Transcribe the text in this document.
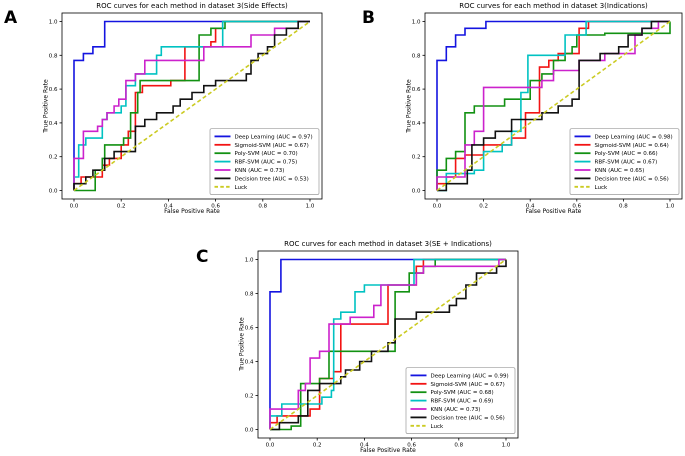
0.0	0.2	0.4	0.6	0.8	1.0
0.0
0.2
0.4
0.6
0.8
1.0
Deep Learning (AUC = 0.97)
Sigmoid-SVM (AUC = 0.67)
Poly-SVM (AUC = 0.70)
RBF-SVM (AUC = 0.75)
KNN (AUC = 0.73)
Decision tree (AUC = 0.53)
Luck
0.0	0.2	0.4	0.6	0.8	1.0
0.0
0.2
0.4
0.6
0.8
1.0
Deep Learning (AUC = 0.98)
Sigmoid-SVM (AUC = 0.64)
Poly-SVM (AUC = 0.66)
RBF-SVM (AUC = 0.67)
KNN (AUC = 0.65)
Decision tree (AUC = 0.56)
Luck
0.0	0.2	0.4	0.6	0.8	1.0
0.0
0.2
0.4
0.6
0.8
1.0
Deep Learning (AUC = 0.99)
Sigmoid-SVM (AUC = 0.67)
Poly-SVM (AUC = 0.68)
RBF-SVM (AUC = 0.69)
KNN (AUC = 0.73)
Decision tree (AUC = 0.56)
Luck
A
ROC curves for each method in dataset 3(Side Effects)
False Positive Rate
True Positive Rate
B
ROC curves for each method in dataset 3(Indications)
False Positive Rate
True Positive Rate
C
ROC curves for each method in dataset 3(SE + Indications)
False Positive Rate
True Positive Rate
